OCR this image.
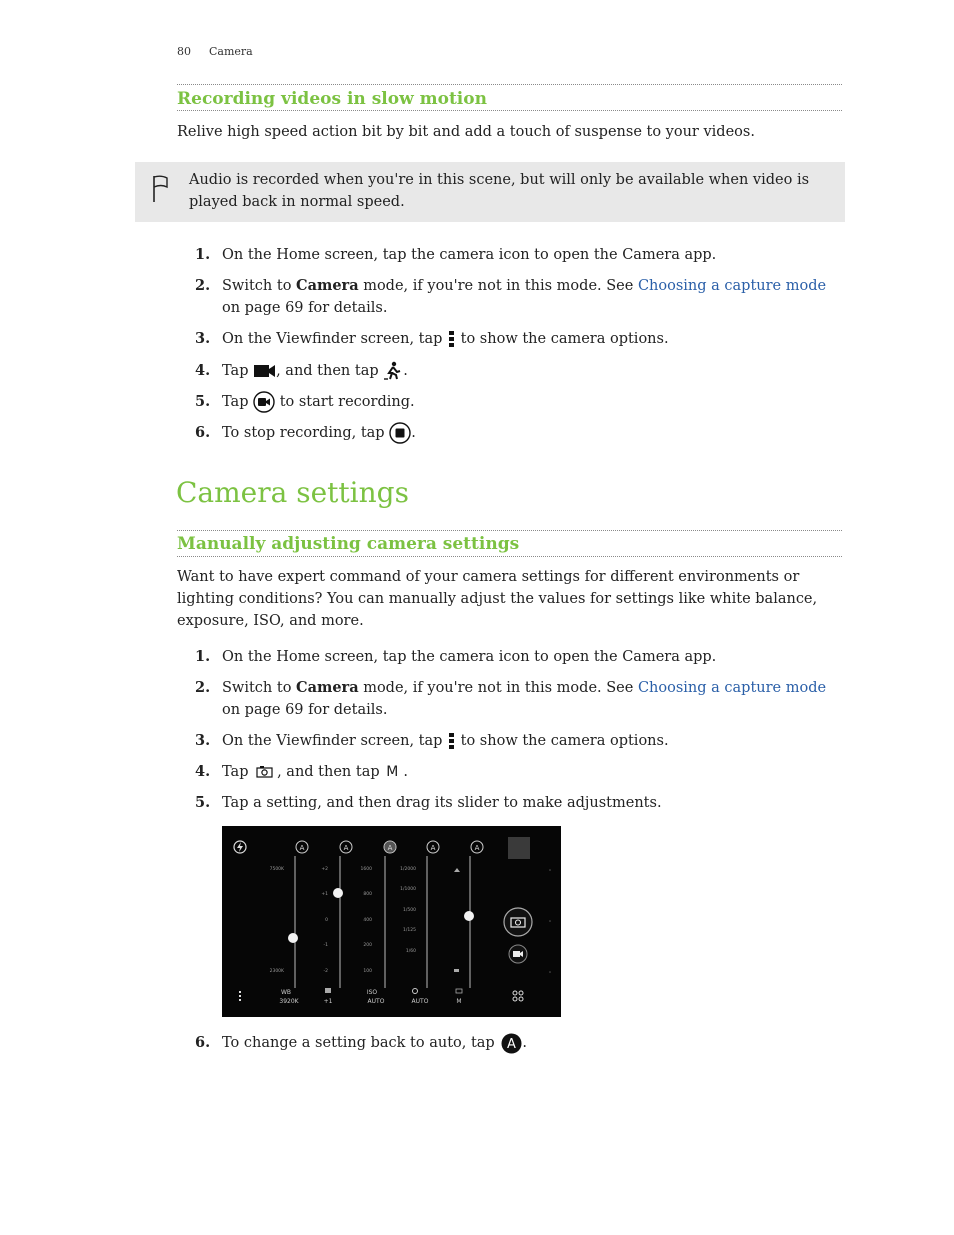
80 Camera
Recording videos in slow motion

Relive high speed action bit by bit and add a touch of suspense to your videos.

Audio is recorded when you're in this scene, but will only be available when video is played back in normal speed.
1. On the Home screen, tap the camera icon to open the Camera app.
2. Switch to Camera mode, if you're not in this mode. See Choosing a capture mode on page 69 for details.
3. On the Viewfinder screen, tap  to show the camera options.
4. Tap , and then tap .
5. Tap  to start recording.
6. To stop recording, tap .
Camera settings
Manually adjusting camera settings

Want to have expert command of your camera settings for different environments or lighting conditions? You can manually adjust the values for settings like white balance, exposure, ISO, and more.

1. On the Home screen, tap the camera icon to open the Camera app.
2. Switch to Camera mode, if you're not in this mode. See Choosing a capture mode on page 69 for details.
3. On the Viewfinder screen, tap  to show the camera options.
4. Tap , and then tap M .
5. Tap a setting, and then drag its slider to make adjustments.
A	A	A	A	A
7500K
2300K
+2
+1
0
-1
-2
1600
800
400
200
100
1/2000
1/1000
1/500
1/125
1/60
WB
3920K	+1
ISO
AUTO	AUTO	M
6. To change a setting back to auto, tap A .
